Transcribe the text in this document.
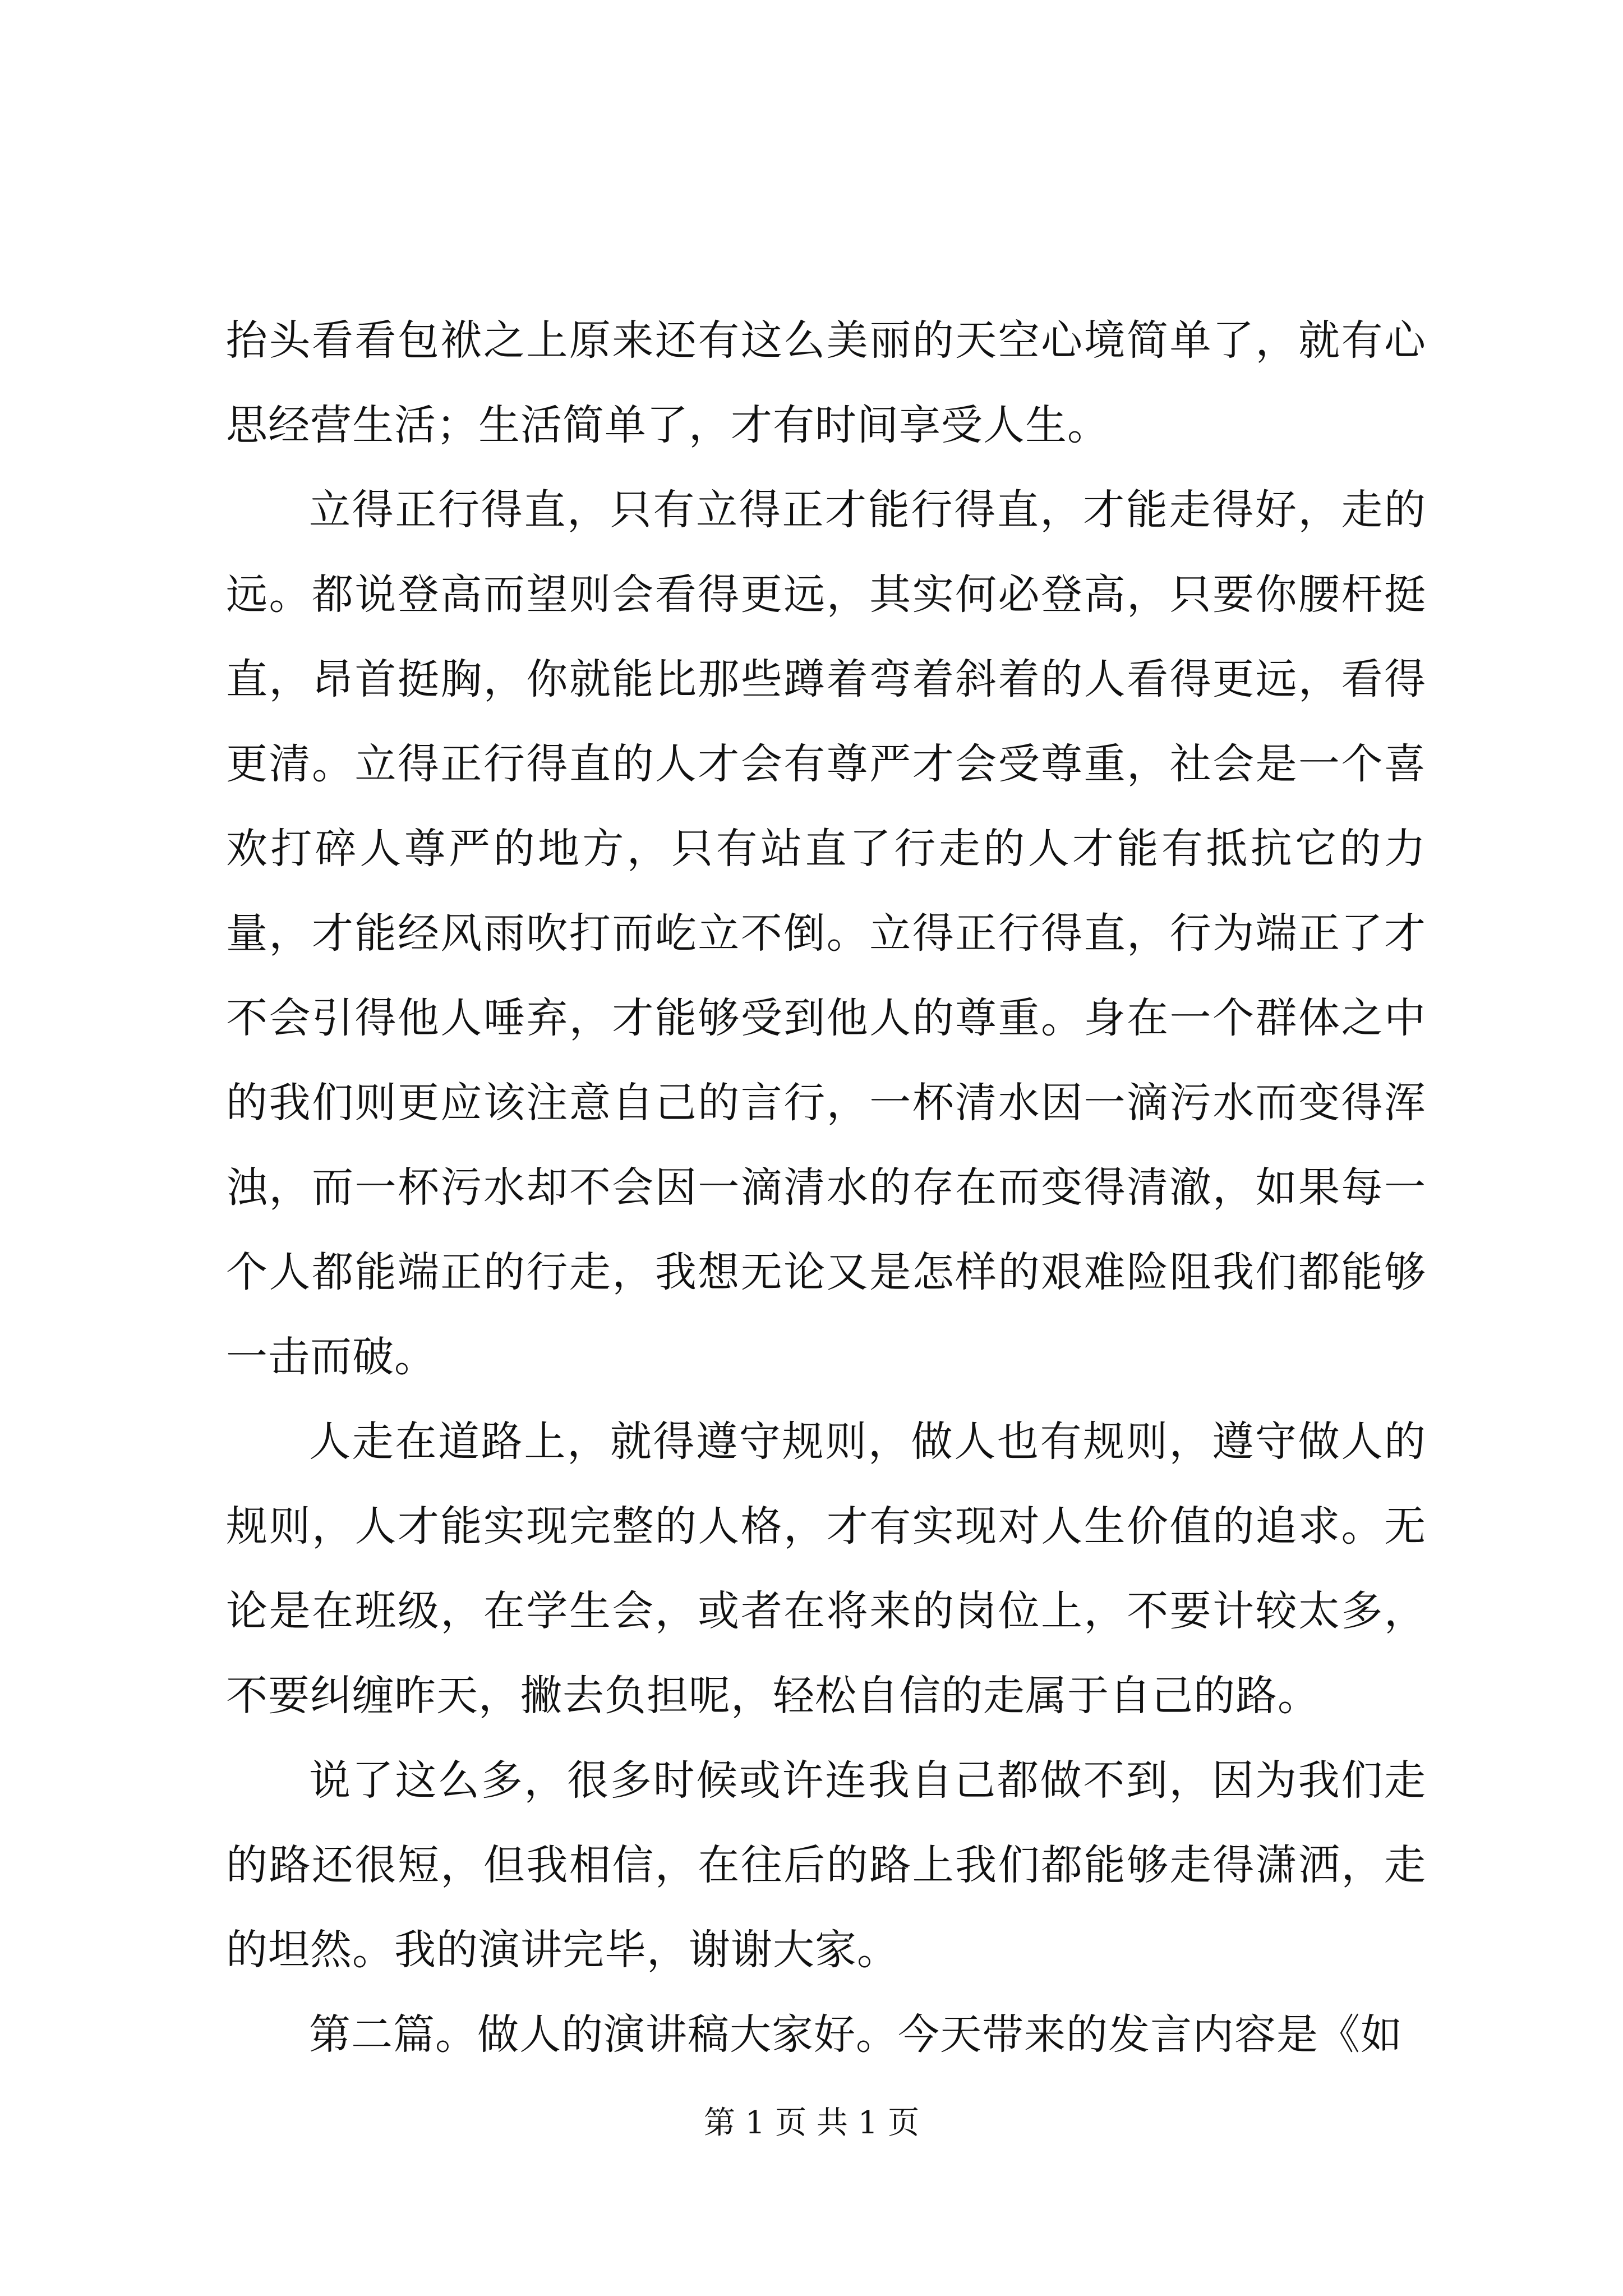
抬头看看包袱之上原来还有这么美丽的天空心境简单了，就有心思经营生活；生活简单了，才有时间享受人生。

立得正行得直，只有立得正才能行得直，才能走得好，走的远。都说登高而望则会看得更远，其实何必登高，只要你腰杆挺直，昂首挺胸，你就能比那些蹲着弯着斜着的人看得更远，看得更清。立得正行得直的人才会有尊严才会受尊重，社会是一个喜欢打碎人尊严的地方，只有站直了行走的人才能有抵抗它的力量，才能经风雨吹打而屹立不倒。立得正行得直，行为端正了才不会引得他人唾弃，才能够受到他人的尊重。身在一个群体之中的我们则更应该注意自己的言行，一杯清水因一滴污水而变得浑浊，而一杯污水却不会因一滴清水的存在而变得清澈，如果每一个人都能端正的行走，我想无论又是怎样的艰难险阻我们都能够一击而破。

人走在道路上，就得遵守规则，做人也有规则，遵守做人的规则，人才能实现完整的人格，才有实现对人生价值的追求。无论是在班级，在学生会，或者在将来的岗位上，不要计较太多，不要纠缠昨天，撇去负担呢，轻松自信的走属于自己的路。

说了这么多，很多时候或许连我自己都做不到，因为我们走的路还很短，但我相信，在往后的路上我们都能够走得潇洒，走的坦然。我的演讲完毕，谢谢大家。

第二篇。做人的演讲稿大家好。今天带来的发言内容是《如

第 1 页 共 1 页
